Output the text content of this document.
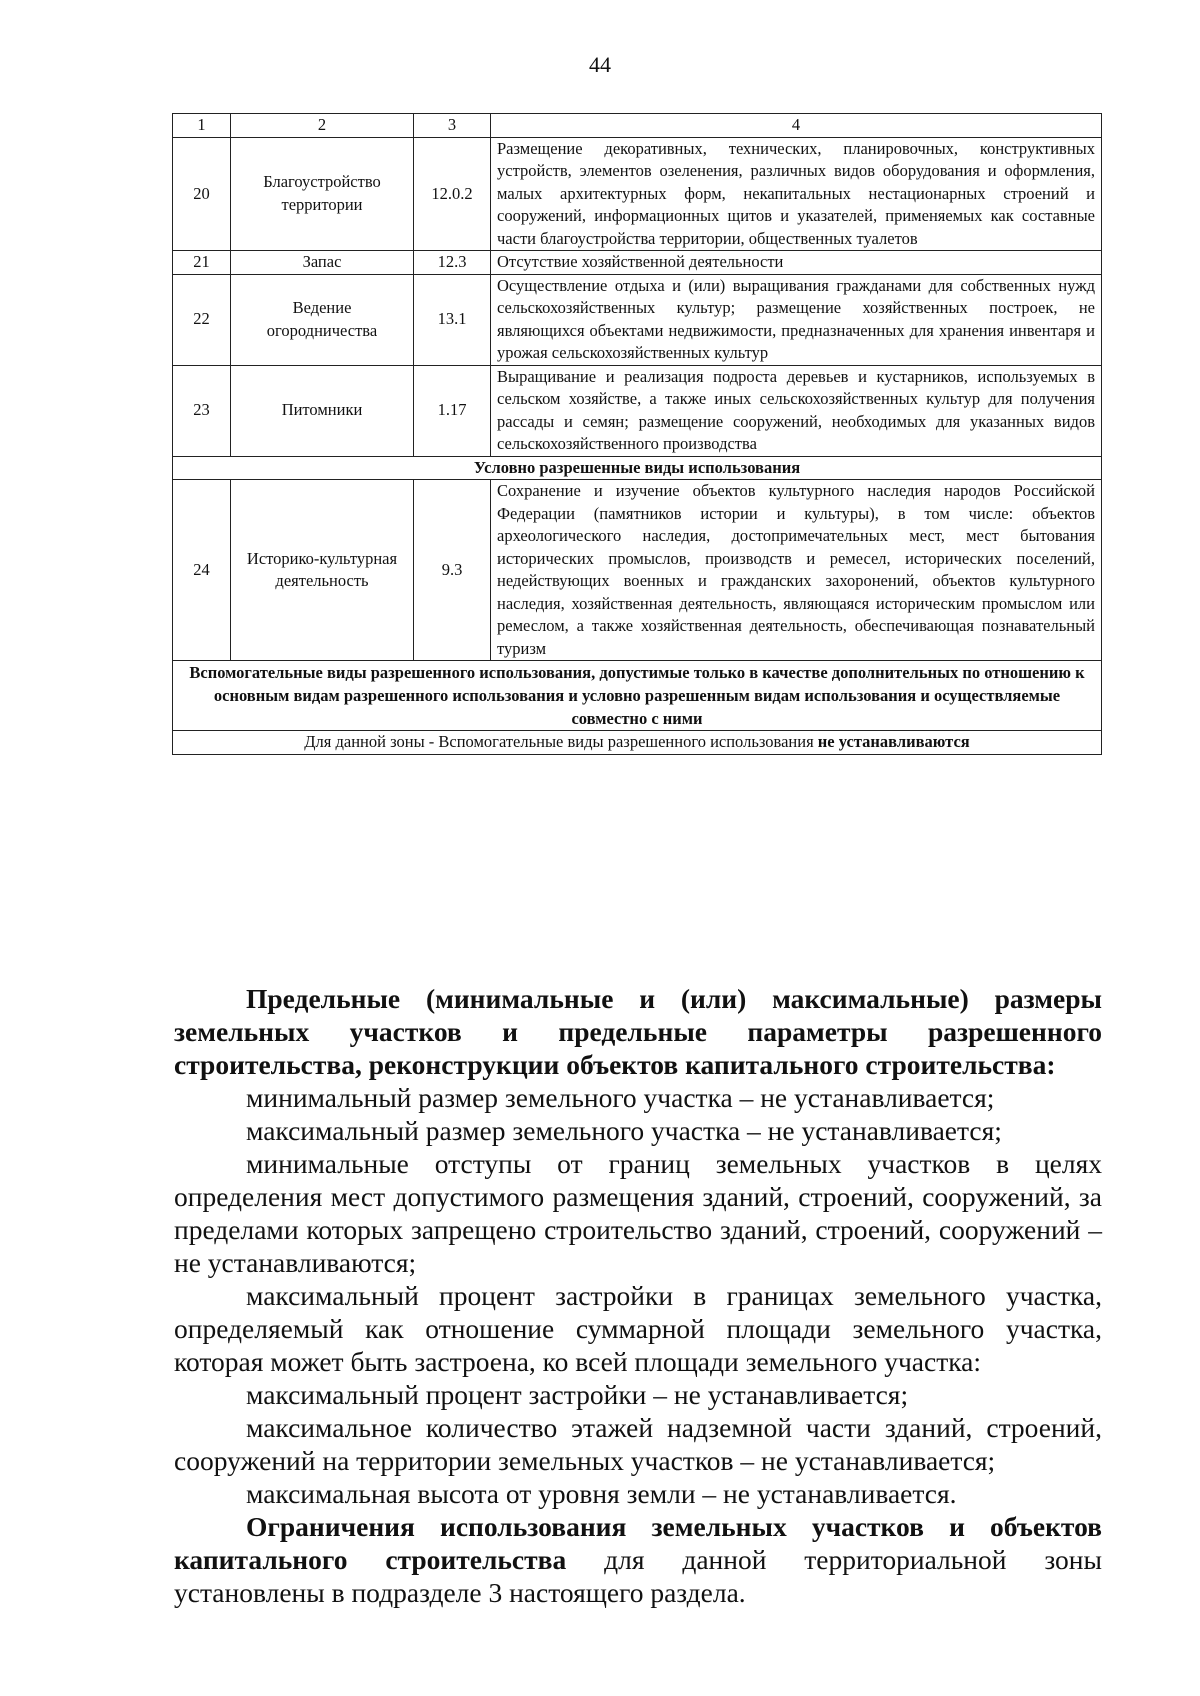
44
1	2	3	4
20	Благоустройство территории	12.0.2	Размещение декоративных, технических, планировочных, конструктивных устройств, элементов озеленения, различных видов оборудования и оформления, малых архитектурных форм, некапитальных нестационарных строений и сооружений, информационных щитов и указателей, применяемых как составные части благоустройства территории, общественных туалетов
21	Запас	12.3	Отсутствие хозяйственной деятельности
22	Ведение огородничества	13.1	Осуществление отдыха и (или) выращивания гражданами для собственных нужд сельскохозяйственных культур; размещение хозяйственных построек, не являющихся объектами недвижимости, предназначенных для хранения инвентаря и урожая сельскохозяйственных культур
23	Питомники	1.17	Выращивание и реализация подроста деревьев и кустарников, используемых в сельском хозяйстве, а также иных сельскохозяйственных культур для получения рассады и семян; размещение сооружений, необходимых для указанных видов сельскохозяйственного производства
Условно разрешенные виды использования			
24	Историко-культурная деятельность	9.3	Сохранение и изучение объектов культурного наследия народов Российской Федерации (памятников истории и культуры), в том числе: объектов археологического наследия, достопримечательных мест, мест бытования исторических промыслов, производств и ремесел, исторических поселений, недействующих военных и гражданских захоронений, объектов культурного наследия, хозяйственная деятельность, являющаяся историческим промыслом или ремеслом, а также хозяйственная деятельность, обеспечивающая познавательный туризм
Вспомогательные виды разрешенного использования, допустимые только в качестве дополнительных по отношению к основным видам разрешенного использования и условно разрешенным видам использования и осуществляемые совместно с ними			
Для данной зоны - Вспомогательные виды разрешенного использования не устанавливаются			

Предельные (минимальные и (или) максимальные) размеры земельных участков и предельные параметры разрешенного строительства, реконструкции объектов капитального строительства:

минимальный размер земельного участка – не устанавливается;

максимальный размер земельного участка – не устанавливается;

минимальные отступы от границ земельных участков в целях определения мест допустимого размещения зданий, строений, сооружений, за пределами которых запрещено строительство зданий, строений, сооружений – не устанавливаются;

максимальный процент застройки в границах земельного участка, определяемый как отношение суммарной площади земельного участка, которая может быть застроена, ко всей площади земельного участка:

максимальный процент застройки – не устанавливается;

максимальное количество этажей надземной части зданий, строений, сооружений на территории земельных участков – не устанавливается;

максимальная высота от уровня земли – не устанавливается.

Ограничения использования земельных участков и объектов капитального строительства для данной территориальной зоны установлены в подразделе 3 настоящего раздела.
